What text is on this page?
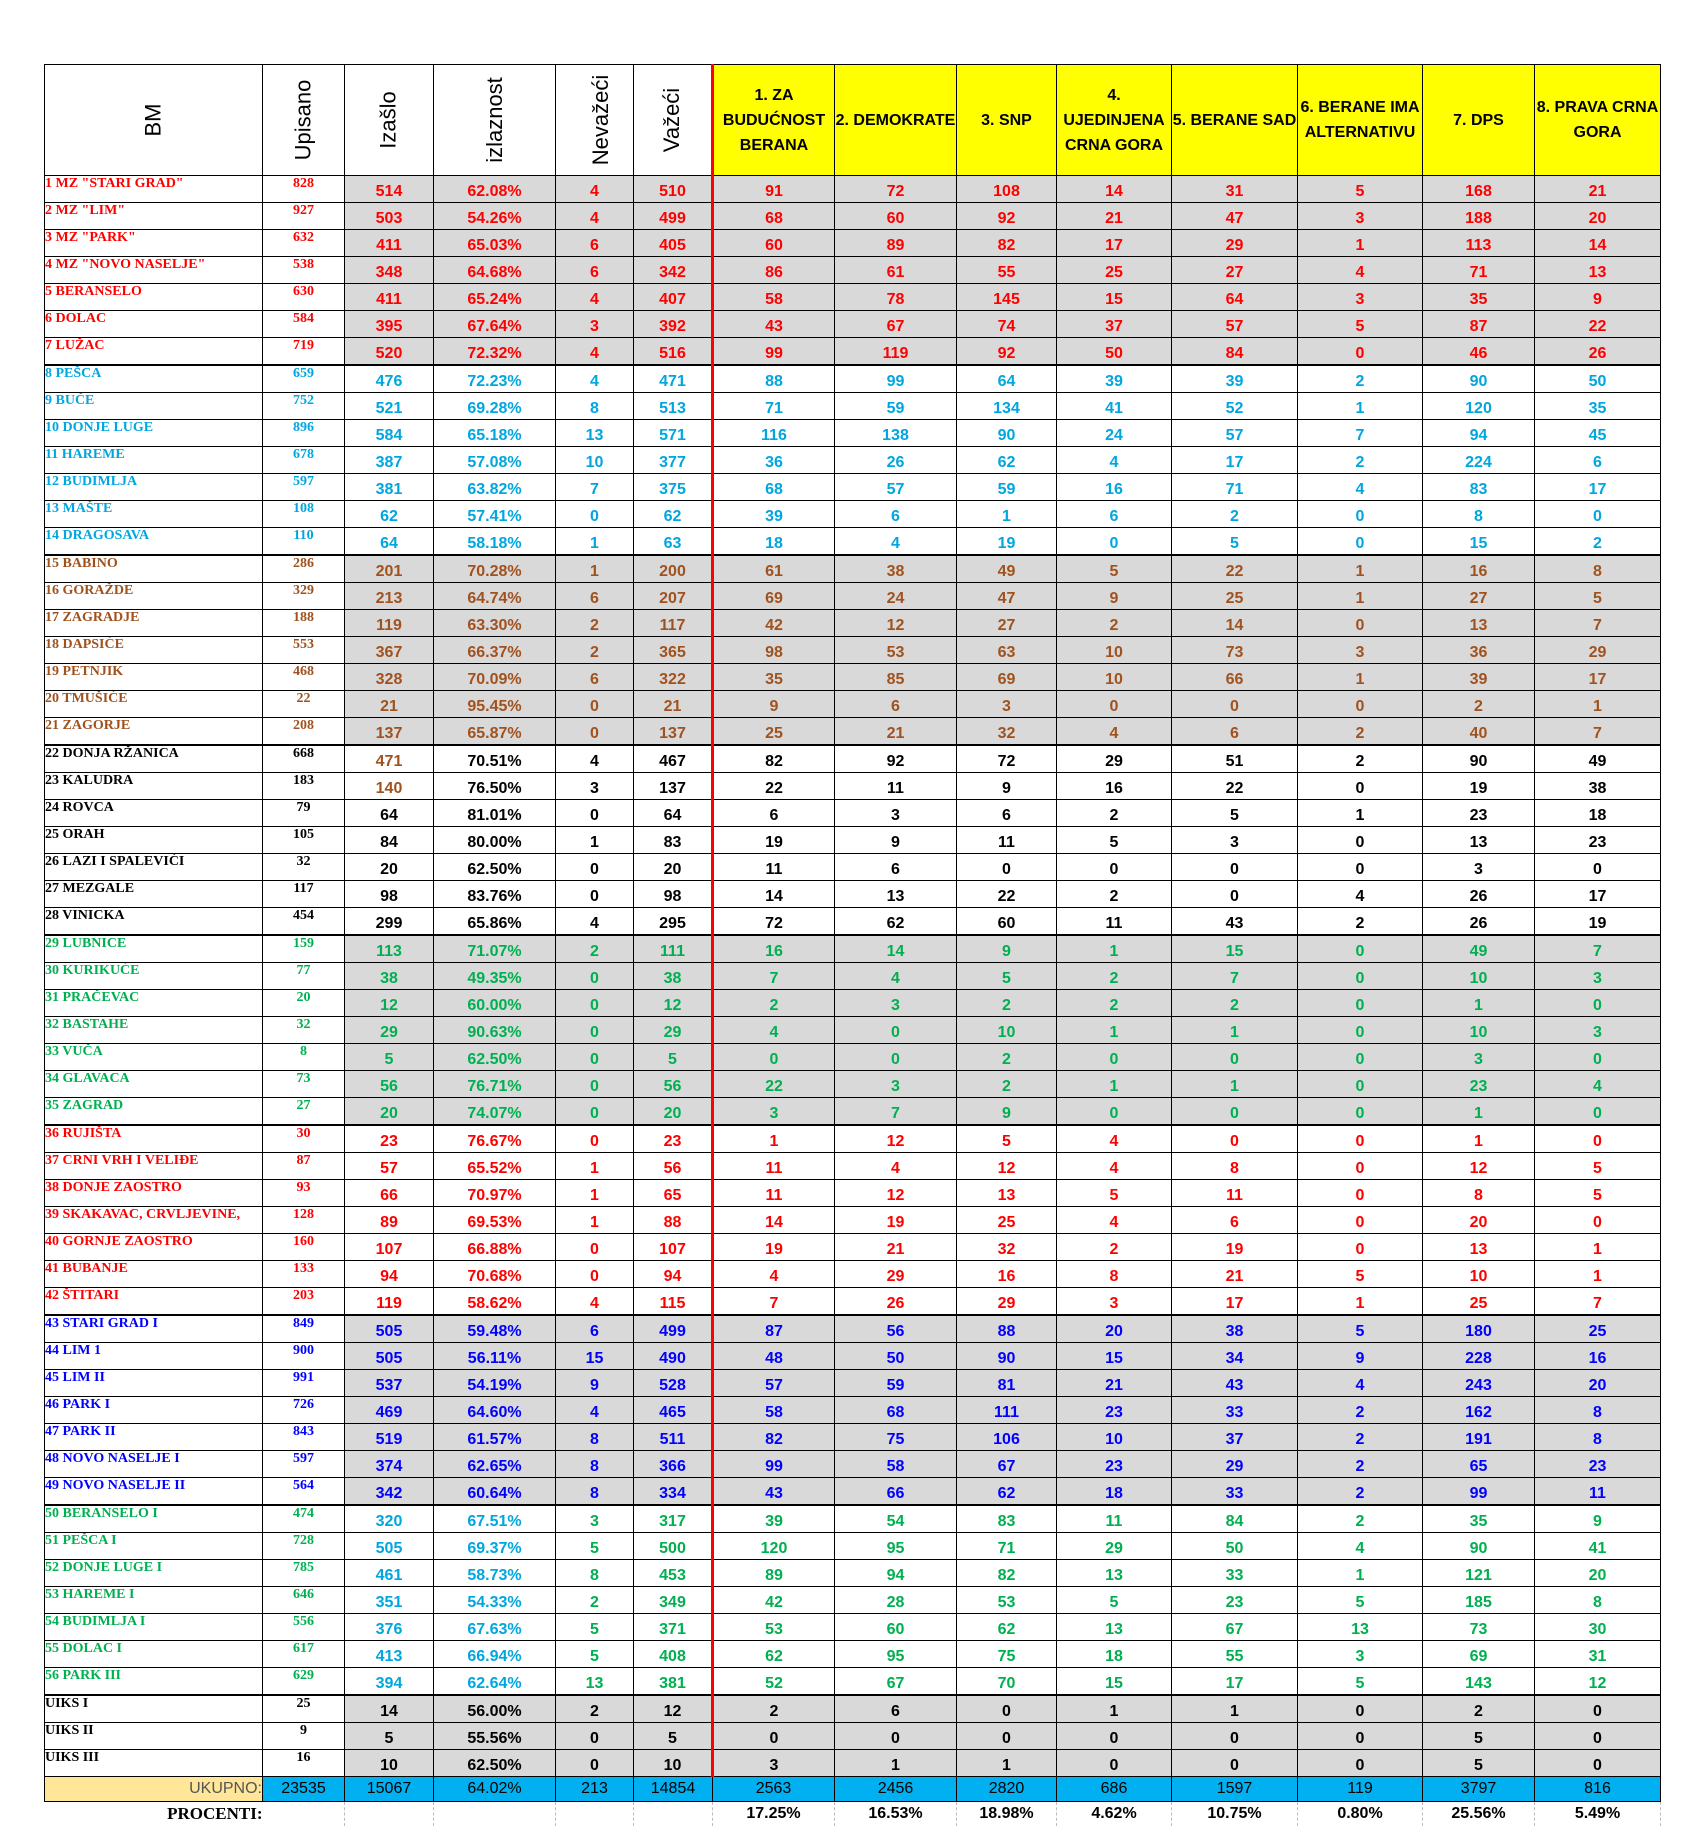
BM	Upisano	Izašlo	izlaznost	Nevažeći	Važeći	1. ZA BUDUĆNOST BERANA	2. DEMOKRATE	3. SNP	4. UJEDINJENA CRNA GORA	5. BERANE SAD	6. BERANE IMA ALTERNATIVU	7. DPS	8. PRAVA CRNA GORA
1 MZ "STARI GRAD"	828	514	62.08%	4	510	91	72	108	14	31	5	168	21
2 MZ "LIM"	927	503	54.26%	4	499	68	60	92	21	47	3	188	20
3 MZ "PARK"	632	411	65.03%	6	405	60	89	82	17	29	1	113	14
4 MZ "NOVO NASELJE"	538	348	64.68%	6	342	86	61	55	25	27	4	71	13
5 BERANSELO	630	411	65.24%	4	407	58	78	145	15	64	3	35	9
6 DOLAC	584	395	67.64%	3	392	43	67	74	37	57	5	87	22
7 LUŽAC	719	520	72.32%	4	516	99	119	92	50	84	0	46	26
8 PEŠCA	659	476	72.23%	4	471	88	99	64	39	39	2	90	50
9 BUČE	752	521	69.28%	8	513	71	59	134	41	52	1	120	35
10 DONJE LUGE	896	584	65.18%	13	571	116	138	90	24	57	7	94	45
11 HAREME	678	387	57.08%	10	377	36	26	62	4	17	2	224	6
12 BUDIMLJA	597	381	63.82%	7	375	68	57	59	16	71	4	83	17
13 MAŠTE	108	62	57.41%	0	62	39	6	1	6	2	0	8	0
14 DRAGOSAVA	110	64	58.18%	1	63	18	4	19	0	5	0	15	2
15 BABINO	286	201	70.28%	1	200	61	38	49	5	22	1	16	8
16 GORAŽDE	329	213	64.74%	6	207	69	24	47	9	25	1	27	5
17 ZAGRADJE	188	119	63.30%	2	117	42	12	27	2	14	0	13	7
18 DAPSIĆE	553	367	66.37%	2	365	98	53	63	10	73	3	36	29
19 PETNJIK	468	328	70.09%	6	322	35	85	69	10	66	1	39	17
20 TMUŠIĆE	22	21	95.45%	0	21	9	6	3	0	0	0	2	1
21 ZAGORJE	208	137	65.87%	0	137	25	21	32	4	6	2	40	7
22 DONJA RŽANICA	668	471	70.51%	4	467	82	92	72	29	51	2	90	49
23 KALUDRA	183	140	76.50%	3	137	22	11	9	16	22	0	19	38
24 ROVCA	79	64	81.01%	0	64	6	3	6	2	5	1	23	18
25 ORAH	105	84	80.00%	1	83	19	9	11	5	3	0	13	23
26 LAZI I SPALEVIĆI	32	20	62.50%	0	20	11	6	0	0	0	0	3	0
27 MEZGALE	117	98	83.76%	0	98	14	13	22	2	0	4	26	17
28 VINICKA	454	299	65.86%	4	295	72	62	60	11	43	2	26	19
29 LUBNICE	159	113	71.07%	2	111	16	14	9	1	15	0	49	7
30 KURIKUĆE	77	38	49.35%	0	38	7	4	5	2	7	0	10	3
31 PRAČEVAC	20	12	60.00%	0	12	2	3	2	2	2	0	1	0
32 BASTAHE	32	29	90.63%	0	29	4	0	10	1	1	0	10	3
33 VUČA	8	5	62.50%	0	5	0	0	2	0	0	0	3	0
34 GLAVACA	73	56	76.71%	0	56	22	3	2	1	1	0	23	4
35 ZAGRAD	27	20	74.07%	0	20	3	7	9	0	0	0	1	0
36 RUJIŠTA	30	23	76.67%	0	23	1	12	5	4	0	0	1	0
37 CRNI VRH I VELIĐE	87	57	65.52%	1	56	11	4	12	4	8	0	12	5
38 DONJE ZAOSTRO	93	66	70.97%	1	65	11	12	13	5	11	0	8	5
39 SKAKAVAC, CRVLJEVINE,	128	89	69.53%	1	88	14	19	25	4	6	0	20	0
40 GORNJE ZAOSTRO	160	107	66.88%	0	107	19	21	32	2	19	0	13	1
41 BUBANJE	133	94	70.68%	0	94	4	29	16	8	21	5	10	1
42 ŠTITARI	203	119	58.62%	4	115	7	26	29	3	17	1	25	7
43 STARI GRAD I	849	505	59.48%	6	499	87	56	88	20	38	5	180	25
44 LIM 1	900	505	56.11%	15	490	48	50	90	15	34	9	228	16
45 LIM II	991	537	54.19%	9	528	57	59	81	21	43	4	243	20
46 PARK I	726	469	64.60%	4	465	58	68	111	23	33	2	162	8
47 PARK II	843	519	61.57%	8	511	82	75	106	10	37	2	191	8
48 NOVO NASELJE I	597	374	62.65%	8	366	99	58	67	23	29	2	65	23
49 NOVO NASELJE II	564	342	60.64%	8	334	43	66	62	18	33	2	99	11
50 BERANSELO I	474	320	67.51%	3	317	39	54	83	11	84	2	35	9
51 PEŠCA I	728	505	69.37%	5	500	120	95	71	29	50	4	90	41
52 DONJE LUGE I	785	461	58.73%	8	453	89	94	82	13	33	1	121	20
53 HAREME I	646	351	54.33%	2	349	42	28	53	5	23	5	185	8
54 BUDIMLJA I	556	376	67.63%	5	371	53	60	62	13	67	13	73	30
55 DOLAC I	617	413	66.94%	5	408	62	95	75	18	55	3	69	31
56 PARK III	629	394	62.64%	13	381	52	67	70	15	17	5	143	12
UIKS I	25	14	56.00%	2	12	2	6	0	1	1	0	2	0
UIKS II	9	5	55.56%	0	5	0	0	0	0	0	0	5	0
UIKS III	16	10	62.50%	0	10	3	1	1	0	0	0	5	0
UKUPNO:	23535	15067	64.02%	213	14854	2563	2456	2820	686	1597	119	3797	816
PROCENTI:						17.25%	16.53%	18.98%	4.62%	10.75%	0.80%	25.56%	5.49%
